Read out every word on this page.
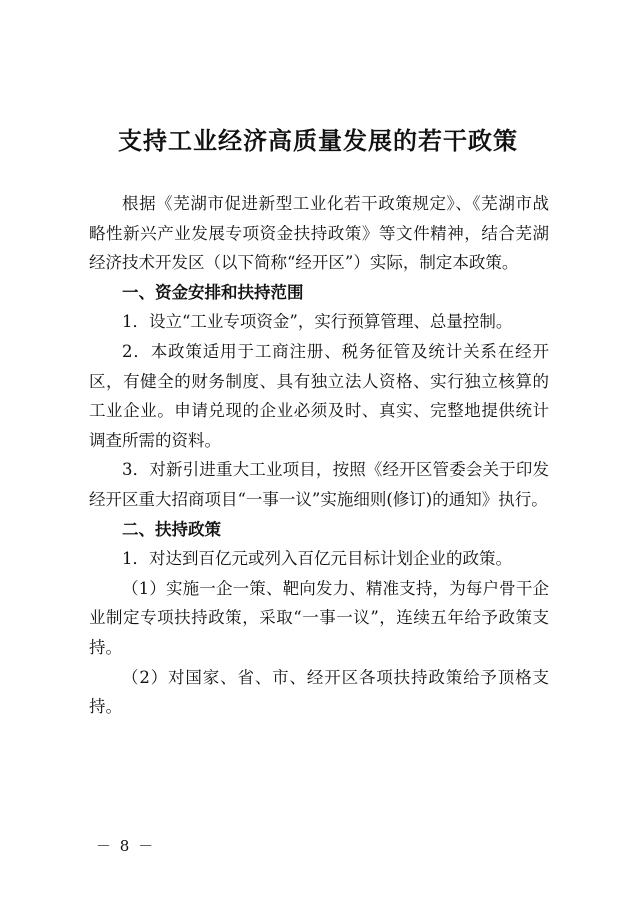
支持工业经济高质量发展的若干政策

根据《芜湖市促进新型工业化若干政策规定》、《芜湖市战略性新兴产业发展专项资金扶持政策》等文件精神，结合芜湖经济技术开发区（以下简称“经开区”）实际，制定本政策。

一、资金安排和扶持范围

1．设立“工业专项资金”，实行预算管理、总量控制。

2．本政策适用于工商注册、税务征管及统计关系在经开区，有健全的财务制度、具有独立法人资格、实行独立核算的工业企业。申请兑现的企业必须及时、真实、完整地提供统计调查所需的资料。

3．对新引进重大工业项目，按照《经开区管委会关于印发经开区重大招商项目“一事一议”实施细则(修订)的通知》执行。

二、扶持政策

1．对达到百亿元或列入百亿元目标计划企业的政策。

（1）实施一企一策、靶向发力、精准支持，为每户骨干企业制定专项扶持政策，采取“一事一议”，连续五年给予政策支持。

（2）对国家、省、市、经开区各项扶持政策给予顶格支持。

－ 8 －
